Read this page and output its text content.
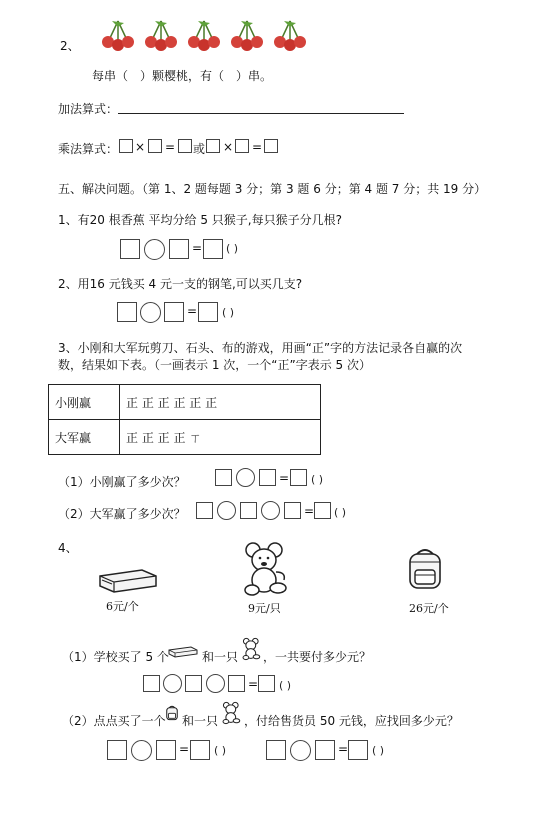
2、
每串（　）颗樱桃，有（　）串。
加法算式：
乘法算式： × = 或 × =
五、解决问题。（第 1、2 题每题 3 分；第 3 题 6 分；第 4 题 7 分；共 19 分）
1、有20 根香蕉 平均分给 5 只猴子,每只猴子分几根?
= ( )
2、用16 元钱买 4 元一支的钢笔,可以买几支?
= ( )
3、小刚和大军玩剪刀、石头、布的游戏，用画“正”字的方法记录各自赢的次
数，结果如下表。（一画表示 1 次，一个“正”字表示 5 次）
小刚赢	正 正 正 正 正 正
大军赢	正 正 正 正 ㄒ
（1）小刚赢了多少次？	= ( )
（2）大军赢了多少次？	= ( )
4、
6元/个	9元/只	26元/个
（1）学校买了 5 个	和一只 ，一共要付多少元？
= ( )
（2）点点买了一个 和一只 ，付给售货员 50 元钱，应找回多少元？
= ( )	= ( )
